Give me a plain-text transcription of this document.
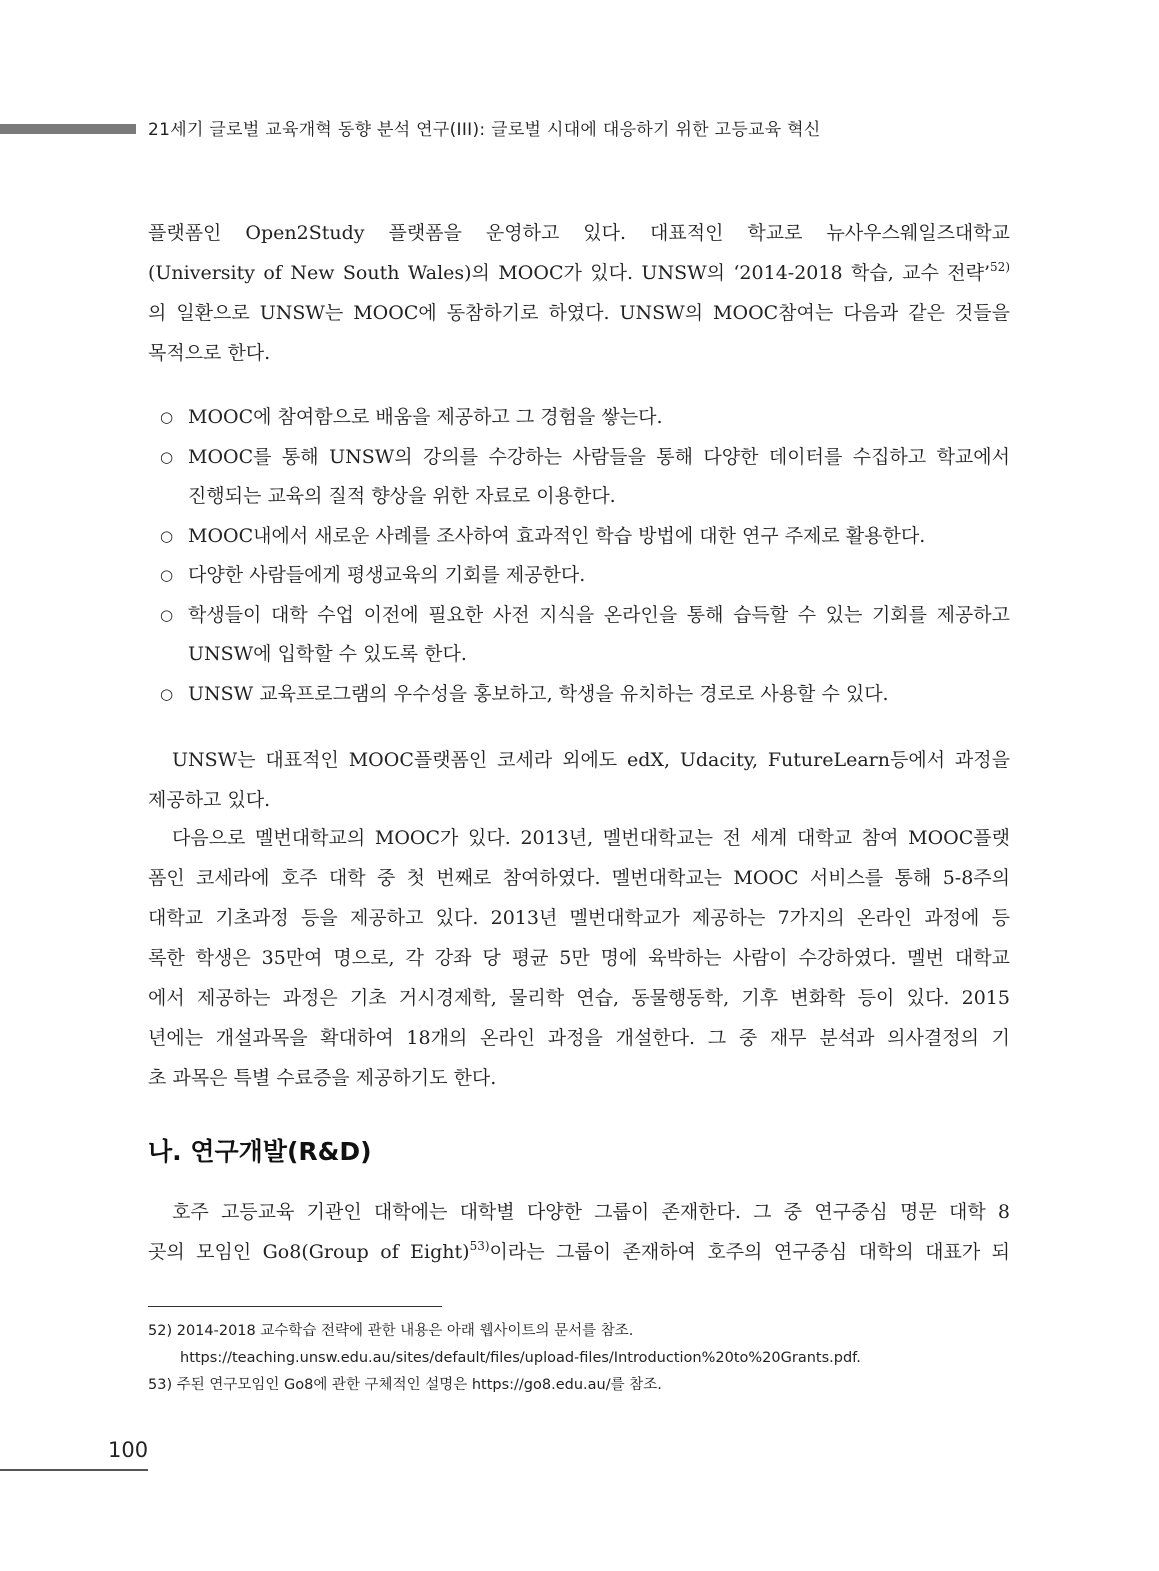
21세기 글로벌 교육개혁 동향 분석 연구(III): 글로벌 시대에 대응하기 위한 고등교육 혁신

플랫폼인 Open2Study 플랫폼을 운영하고 있다. 대표적인 학교로 뉴사우스웨일즈대학교

(University of New South Wales)의 MOOC가 있다. UNSW의 ‘2014-2018 학습, 교수 전략’$^{52)}$

의 일환으로 UNSW는 MOOC에 동참하기로 하였다. UNSW의 MOOC참여는 다음과 같은 것들을

목적으로 한다.

○ MOOC에 참여함으로 배움을 제공하고 그 경험을 쌓는다.
○ MOOC를 통해 UNSW의 강의를 수강하는 사람들을 통해 다양한 데이터를 수집하고 학교에서 진행되는 교육의 질적 향상을 위한 자료로 이용한다.
○ MOOC내에서 새로운 사례를 조사하여 효과적인 학습 방법에 대한 연구 주제로 활용한다.
○ 다양한 사람들에게 평생교육의 기회를 제공한다.
○ 학생들이 대학 수업 이전에 필요한 사전 지식을 온라인을 통해 습득할 수 있는 기회를 제공하고 UNSW에 입학할 수 있도록 한다.
○ UNSW 교육프로그램의 우수성을 홍보하고, 학생을 유치하는 경로로 사용할 수 있다.

UNSW는 대표적인 MOOC플랫폼인 코세라 외에도 edX, Udacity, FutureLearn등에서 과정을

제공하고 있다.

다음으로 멜번대학교의 MOOC가 있다. 2013년, 멜번대학교는 전 세계 대학교 참여 MOOC플랫

폼인 코세라에 호주 대학 중 첫 번째로 참여하였다. 멜번대학교는 MOOC 서비스를 통해 5-8주의

대학교 기초과정 등을 제공하고 있다. 2013년 멜번대학교가 제공하는 7가지의 온라인 과정에 등

록한 학생은 35만여 명으로, 각 강좌 당 평균 5만 명에 육박하는 사람이 수강하였다. 멜번 대학교

에서 제공하는 과정은 기초 거시경제학, 물리학 연습, 동물행동학, 기후 변화학 등이 있다. 2015

년에는 개설과목을 확대하여 18개의 온라인 과정을 개설한다. 그 중 재무 분석과 의사결정의 기

초 과목은 특별 수료증을 제공하기도 한다.

나. 연구개발(R&D)

호주 고등교육 기관인 대학에는 대학별 다양한 그룹이 존재한다. 그 중 연구중심 명문 대학 8

곳의 모임인 Go8(Group of Eight)$^{53)}$이라는 그룹이 존재하여 호주의 연구중심 대학의 대표가 되

52) 2014-2018 교수학습 전략에 관한 내용은 아래 웹사이트의 문서를 참조.
https://teaching.unsw.edu.au/sites/default/files/upload-files/Introduction%20to%20Grants.pdf.
53) 주된 연구모임인 Go8에 관한 구체적인 설명은 https://go8.edu.au/를 참조.
100
